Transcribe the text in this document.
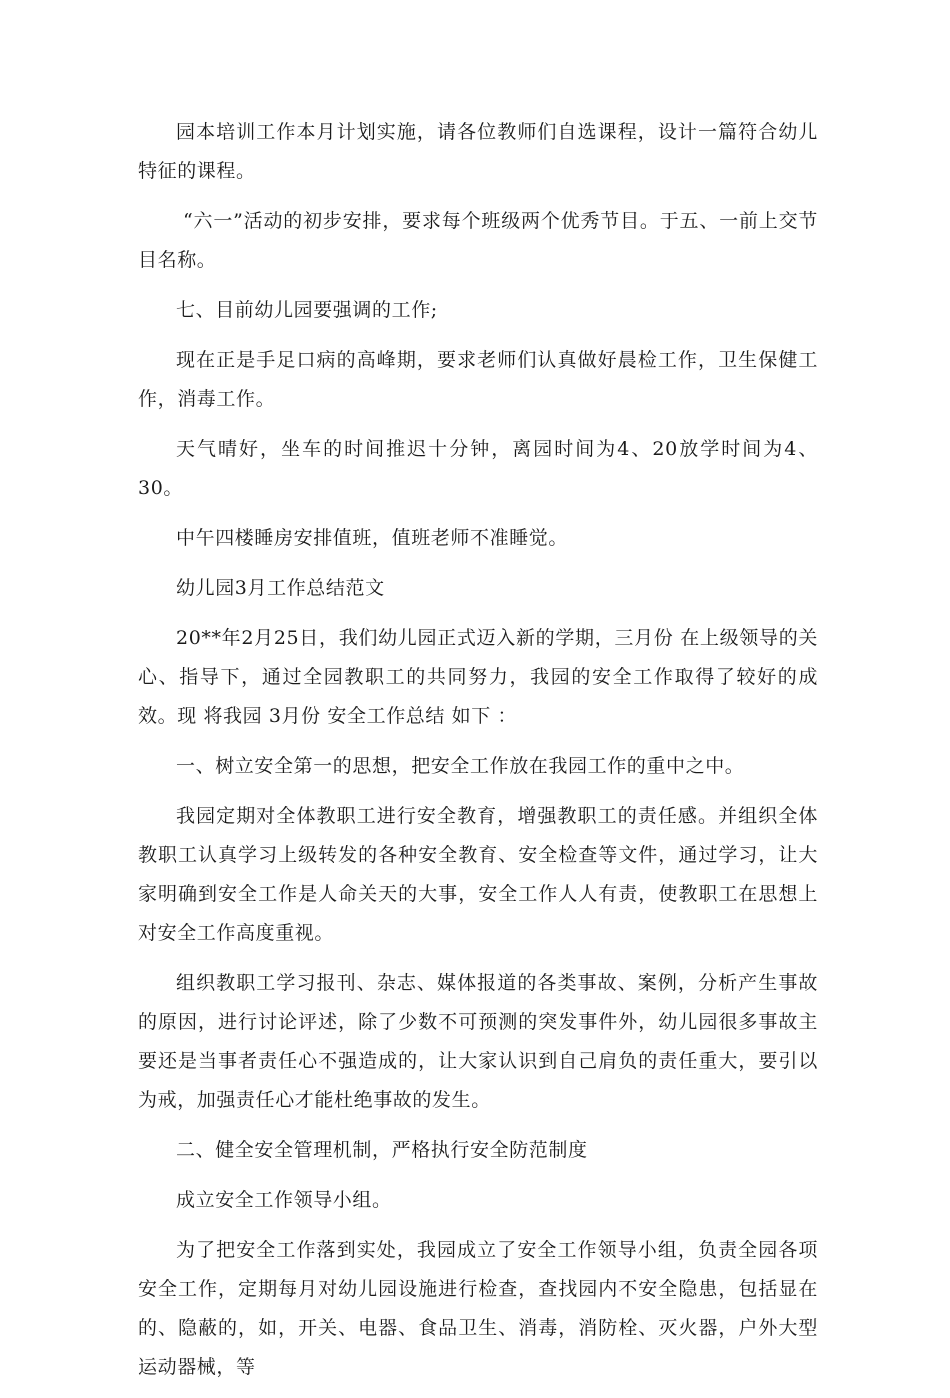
园本培训工作本月计划实施，请各位教师们自选课程，设计一篇符合幼儿特征的课程。

“六一”活动的初步安排，要求每个班级两个优秀节目。于五、一前上交节目名称。

七、目前幼儿园要强调的工作;

现在正是手足口病的高峰期，要求老师们认真做好晨检工作，卫生保健工作，消毒工作。

天气晴好，坐车的时间推迟十分钟，离园时间为4、20放学时间为4、30。

中午四楼睡房安排值班，值班老师不准睡觉。

幼儿园3月工作总结范文

20**年2月25日，我们幼儿园正式迈入新的学期，三月份 在上级领导的关心、指导下，通过全园教职工的共同努力，我园的安全工作取得了较好的成效。现 将我园 3月份 安全工作总结 如下 ：

一、树立安全第一的思想，把安全工作放在我园工作的重中之中。

我园定期对全体教职工进行安全教育，增强教职工的责任感。并组织全体教职工认真学习上级转发的各种安全教育、安全检查等文件，通过学习，让大家明确到安全工作是人命关天的大事，安全工作人人有责，使教职工在思想上对安全工作高度重视。

组织教职工学习报刊、杂志、媒体报道的各类事故、案例，分析产生事故的原因，进行讨论评述，除了少数不可预测的突发事件外，幼儿园很多事故主要还是当事者责任心不强造成的，让大家认识到自己肩负的责任重大，要引以为戒，加强责任心才能杜绝事故的发生。

二、健全安全管理机制，严格执行安全防范制度

成立安全工作领导小组。

为了把安全工作落到实处，我园成立了安全工作领导小组，负责全园各项安全工作，定期每月对幼儿园设施进行检查，查找园内不安全隐患，包括显在的、隐蔽的，如，开关、电器、食品卫生、消毒，消防栓、灭火器，户外大型运动器械，等
